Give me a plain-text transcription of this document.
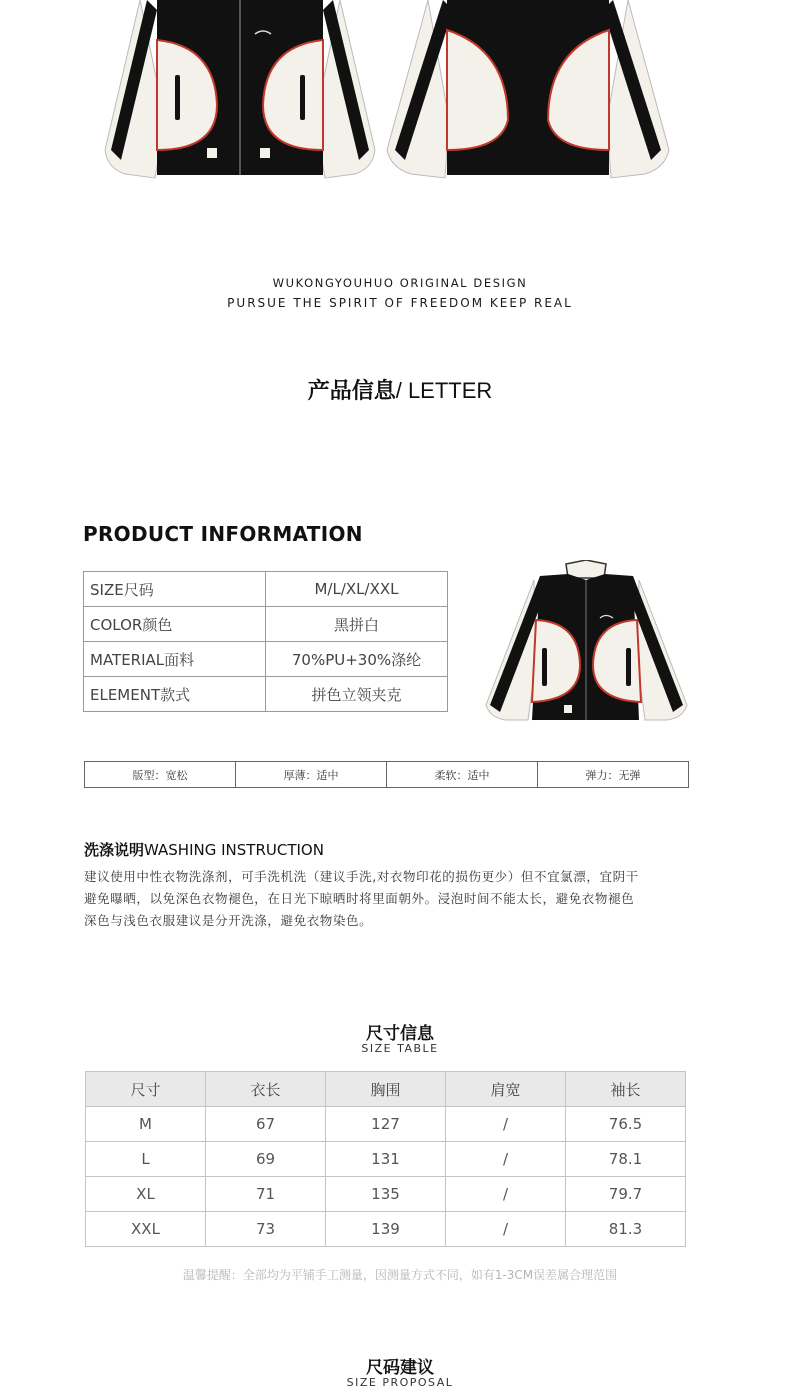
WUKONGYOUHUO ORIGINAL DESIGN
PURSUE THE SPIRIT OF FREEDOM KEEP REAL
产品信息/ LETTER
PRODUCT INFORMATION
SIZE尺码	M/L/XL/XXL
COLOR颜色	黑拼白
MATERIAL面料	70%PU+30%涤纶
ELEMENT款式	拼色立领夹克
版型：宽松	厚薄：适中	柔软：适中	弹力：无弹
洗涤说明WASHING INSTRUCTION
建议使用中性衣物洗涤剂，可手洗机洗（建议手洗,对衣物印花的损伤更少）但不宜氯漂，宜阴干
避免曝晒，以免深色衣物褪色，在日光下晾晒时将里面朝外。浸泡时间不能太长，避免衣物褪色
深色与浅色衣服建议是分开洗涤，避免衣物染色。
尺寸信息
SIZE TABLE
尺寸	衣长	胸围	肩宽	袖长
M	67	127	/	76.5
L	69	131	/	78.1
XL	71	135	/	79.7
XXL	73	139	/	81.3
温馨提醒：全部均为平铺手工测量，因测量方式不同，如有1-3CM误差属合理范围
尺码建议
SIZE PROPOSAL
